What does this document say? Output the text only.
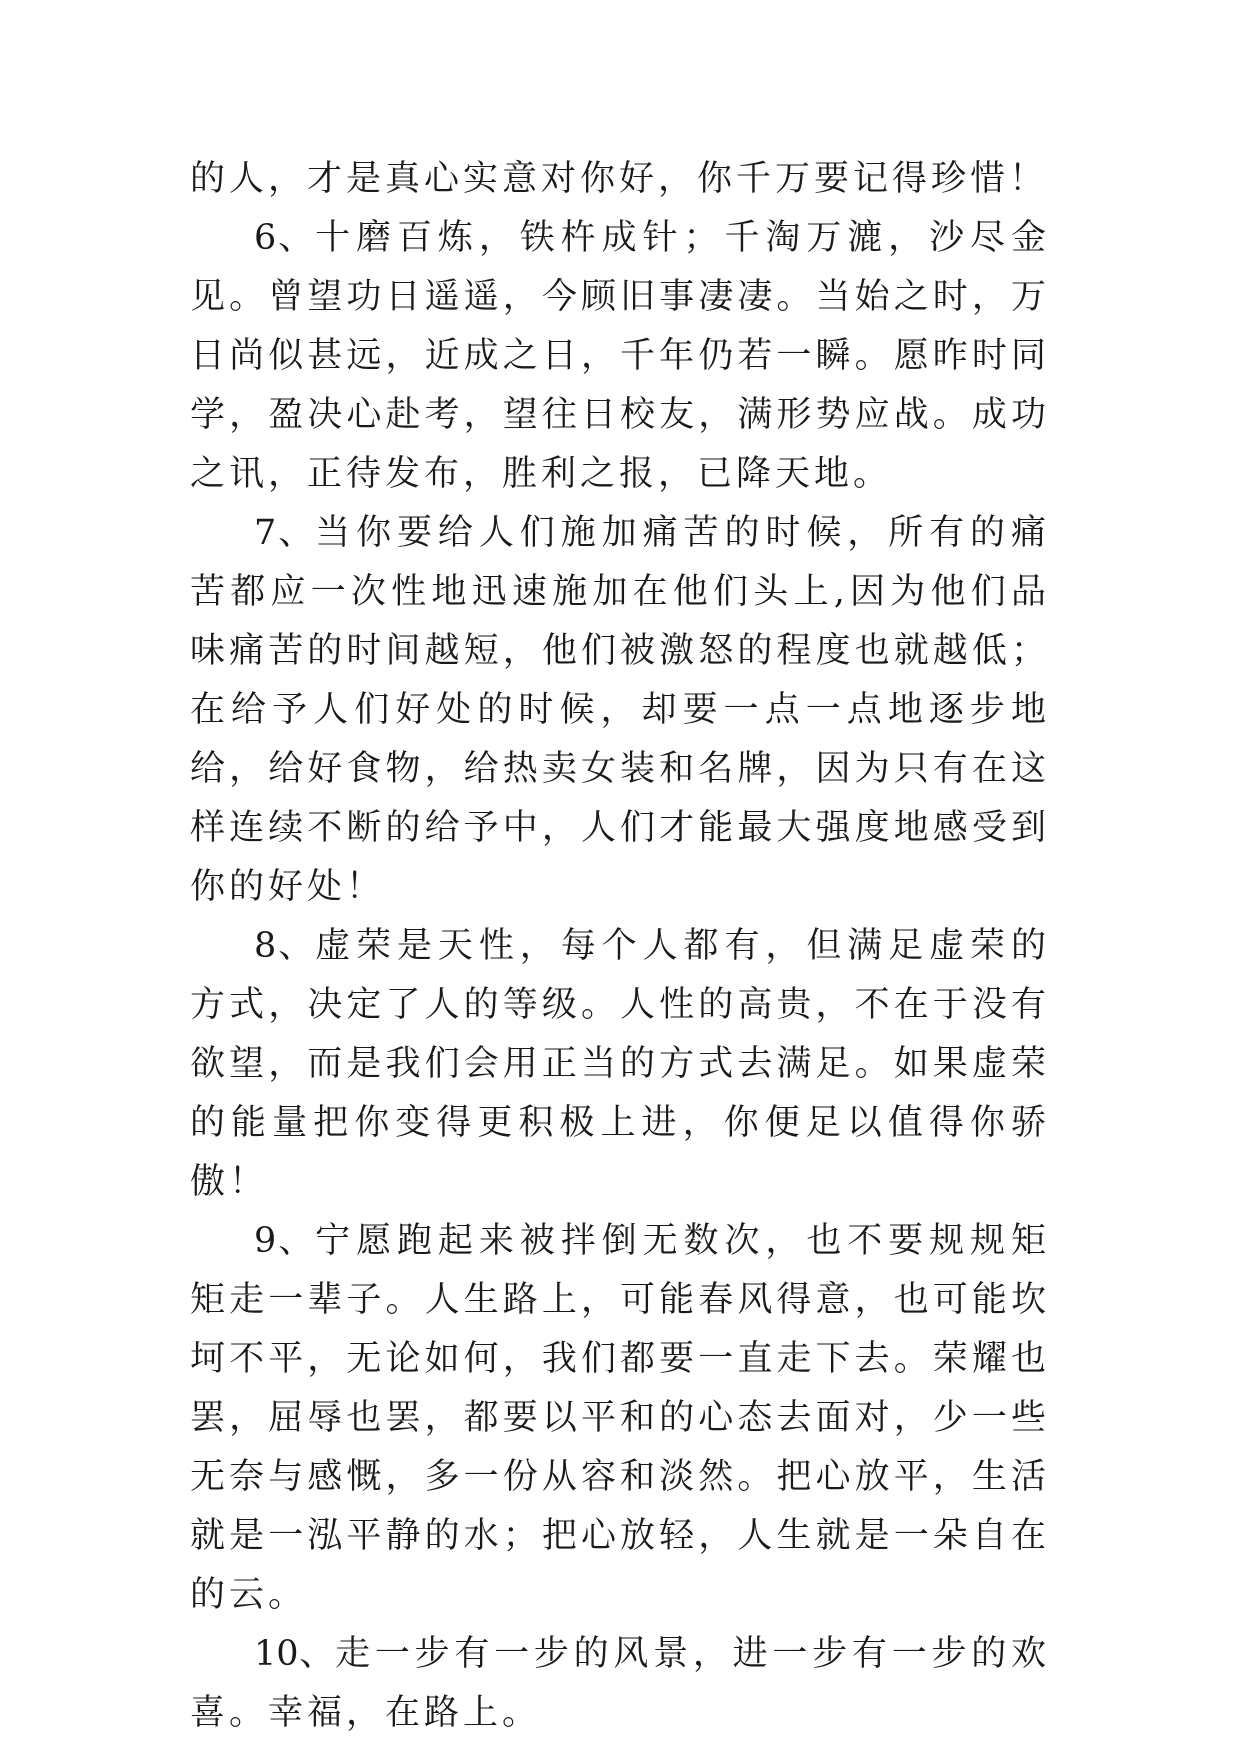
的人，才是真心实意对你好，你千万要记得珍惜！

6、十磨百炼，铁杵成针；千淘万漉，沙尽金见。曾望功日遥遥，今顾旧事凄凄。当始之时，万日尚似甚远，近成之日，千年仍若一瞬。愿昨时同学，盈决心赴考，望往日校友，满形势应战。成功之讯，正待发布，胜利之报，已降天地。

7、当你要给人们施加痛苦的时候，所有的痛苦都应一次性地迅速施加在他们头上,因为他们品味痛苦的时间越短，他们被激怒的程度也就越低；在给予人们好处的时候，却要一点一点地逐步地给，给好食物，给热卖女装和名牌，因为只有在这样连续不断的给予中，人们才能最大强度地感受到你的好处！

8、虚荣是天性，每个人都有，但满足虚荣的方式，决定了人的等级。人性的高贵，不在于没有欲望，而是我们会用正当的方式去满足。如果虚荣的能量把你变得更积极上进，你便足以值得你骄傲！

9、宁愿跑起来被拌倒无数次，也不要规规矩矩走一辈子。人生路上，可能春风得意，也可能坎坷不平，无论如何，我们都要一直走下去。荣耀也罢，屈辱也罢，都要以平和的心态去面对，少一些无奈与感慨，多一份从容和淡然。把心放平，生活就是一泓平静的水；把心放轻，人生就是一朵自在的云。

10、走一步有一步的风景，进一步有一步的欢喜。幸福，在路上。
